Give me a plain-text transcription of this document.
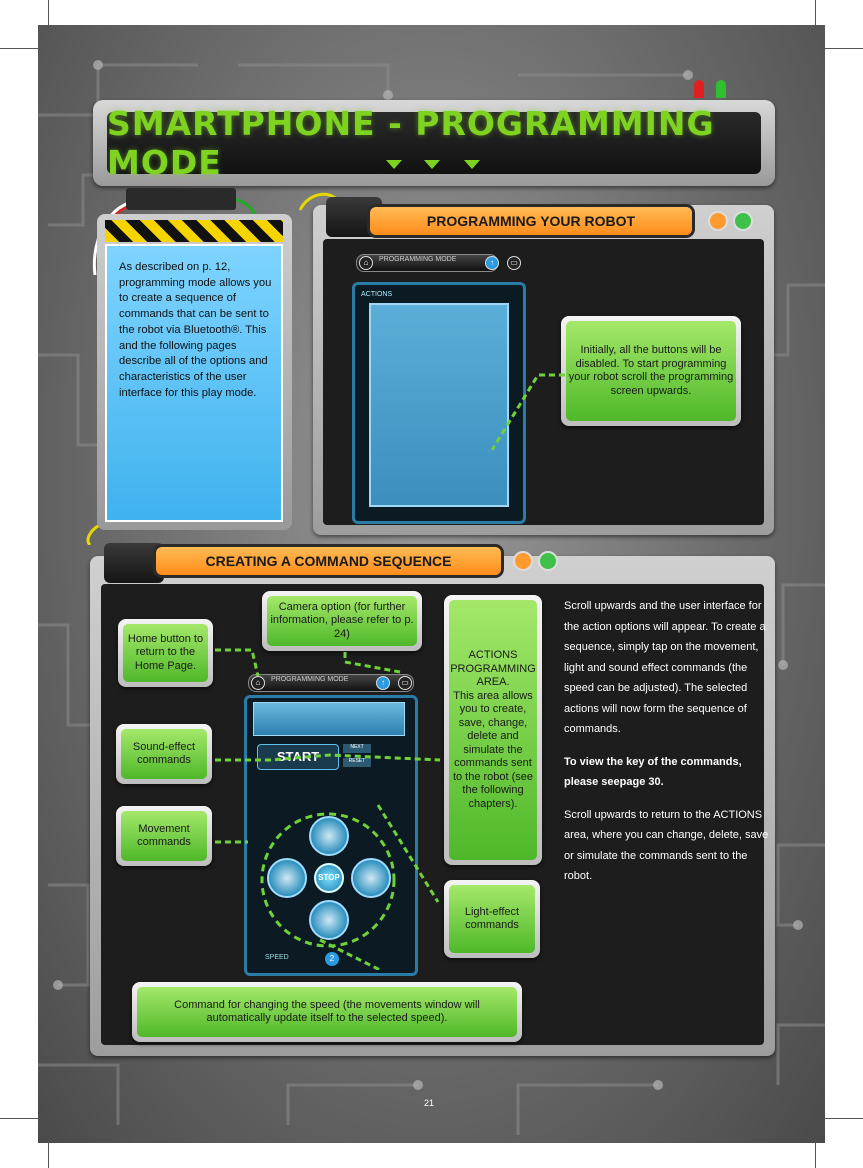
SMARTPHONE - PROGRAMMING MODE
As described on p. 12, programming mode allows you to create a sequence of commands that can be sent to the robot via Bluetooth®. This and the following pages describe all of the options and characteristics of the user interface for this play mode.
PROGRAMMING YOUR ROBOT
PROGRAMMING MODE
⌂	↑	▭
ACTIONS
Initially, all the buttons will be disabled. To start programming your robot scroll the programming screen upwards.
CREATING A COMMAND SEQUENCE
PROGRAMMING MODE
⌂	↑	▭
START
NEXT
RESET
STOP
SPEED	2
Home button to return to the Home Page.
Camera option (for further information, please refer to p. 24)
ACTIONS PROGRAMMING AREA.
This area allows you to create, save, change, delete and simulate the commands sent to the robot (see the following chapters).
Sound-effect commands
Movement commands
Light-effect commands
Command for changing the speed (the movements window will automatically update itself to the selected speed).

Scroll upwards and the user interface for the action options will appear. To create a sequence, simply tap on the movement, light and sound effect commands (the speed can be adjusted). The selected actions will now form the sequence of commands.

To view the key of the commands, please seepage 30.

Scroll upwards to return to the ACTIONS area, where you can change, delete, save or simulate the commands sent to the robot.

21
